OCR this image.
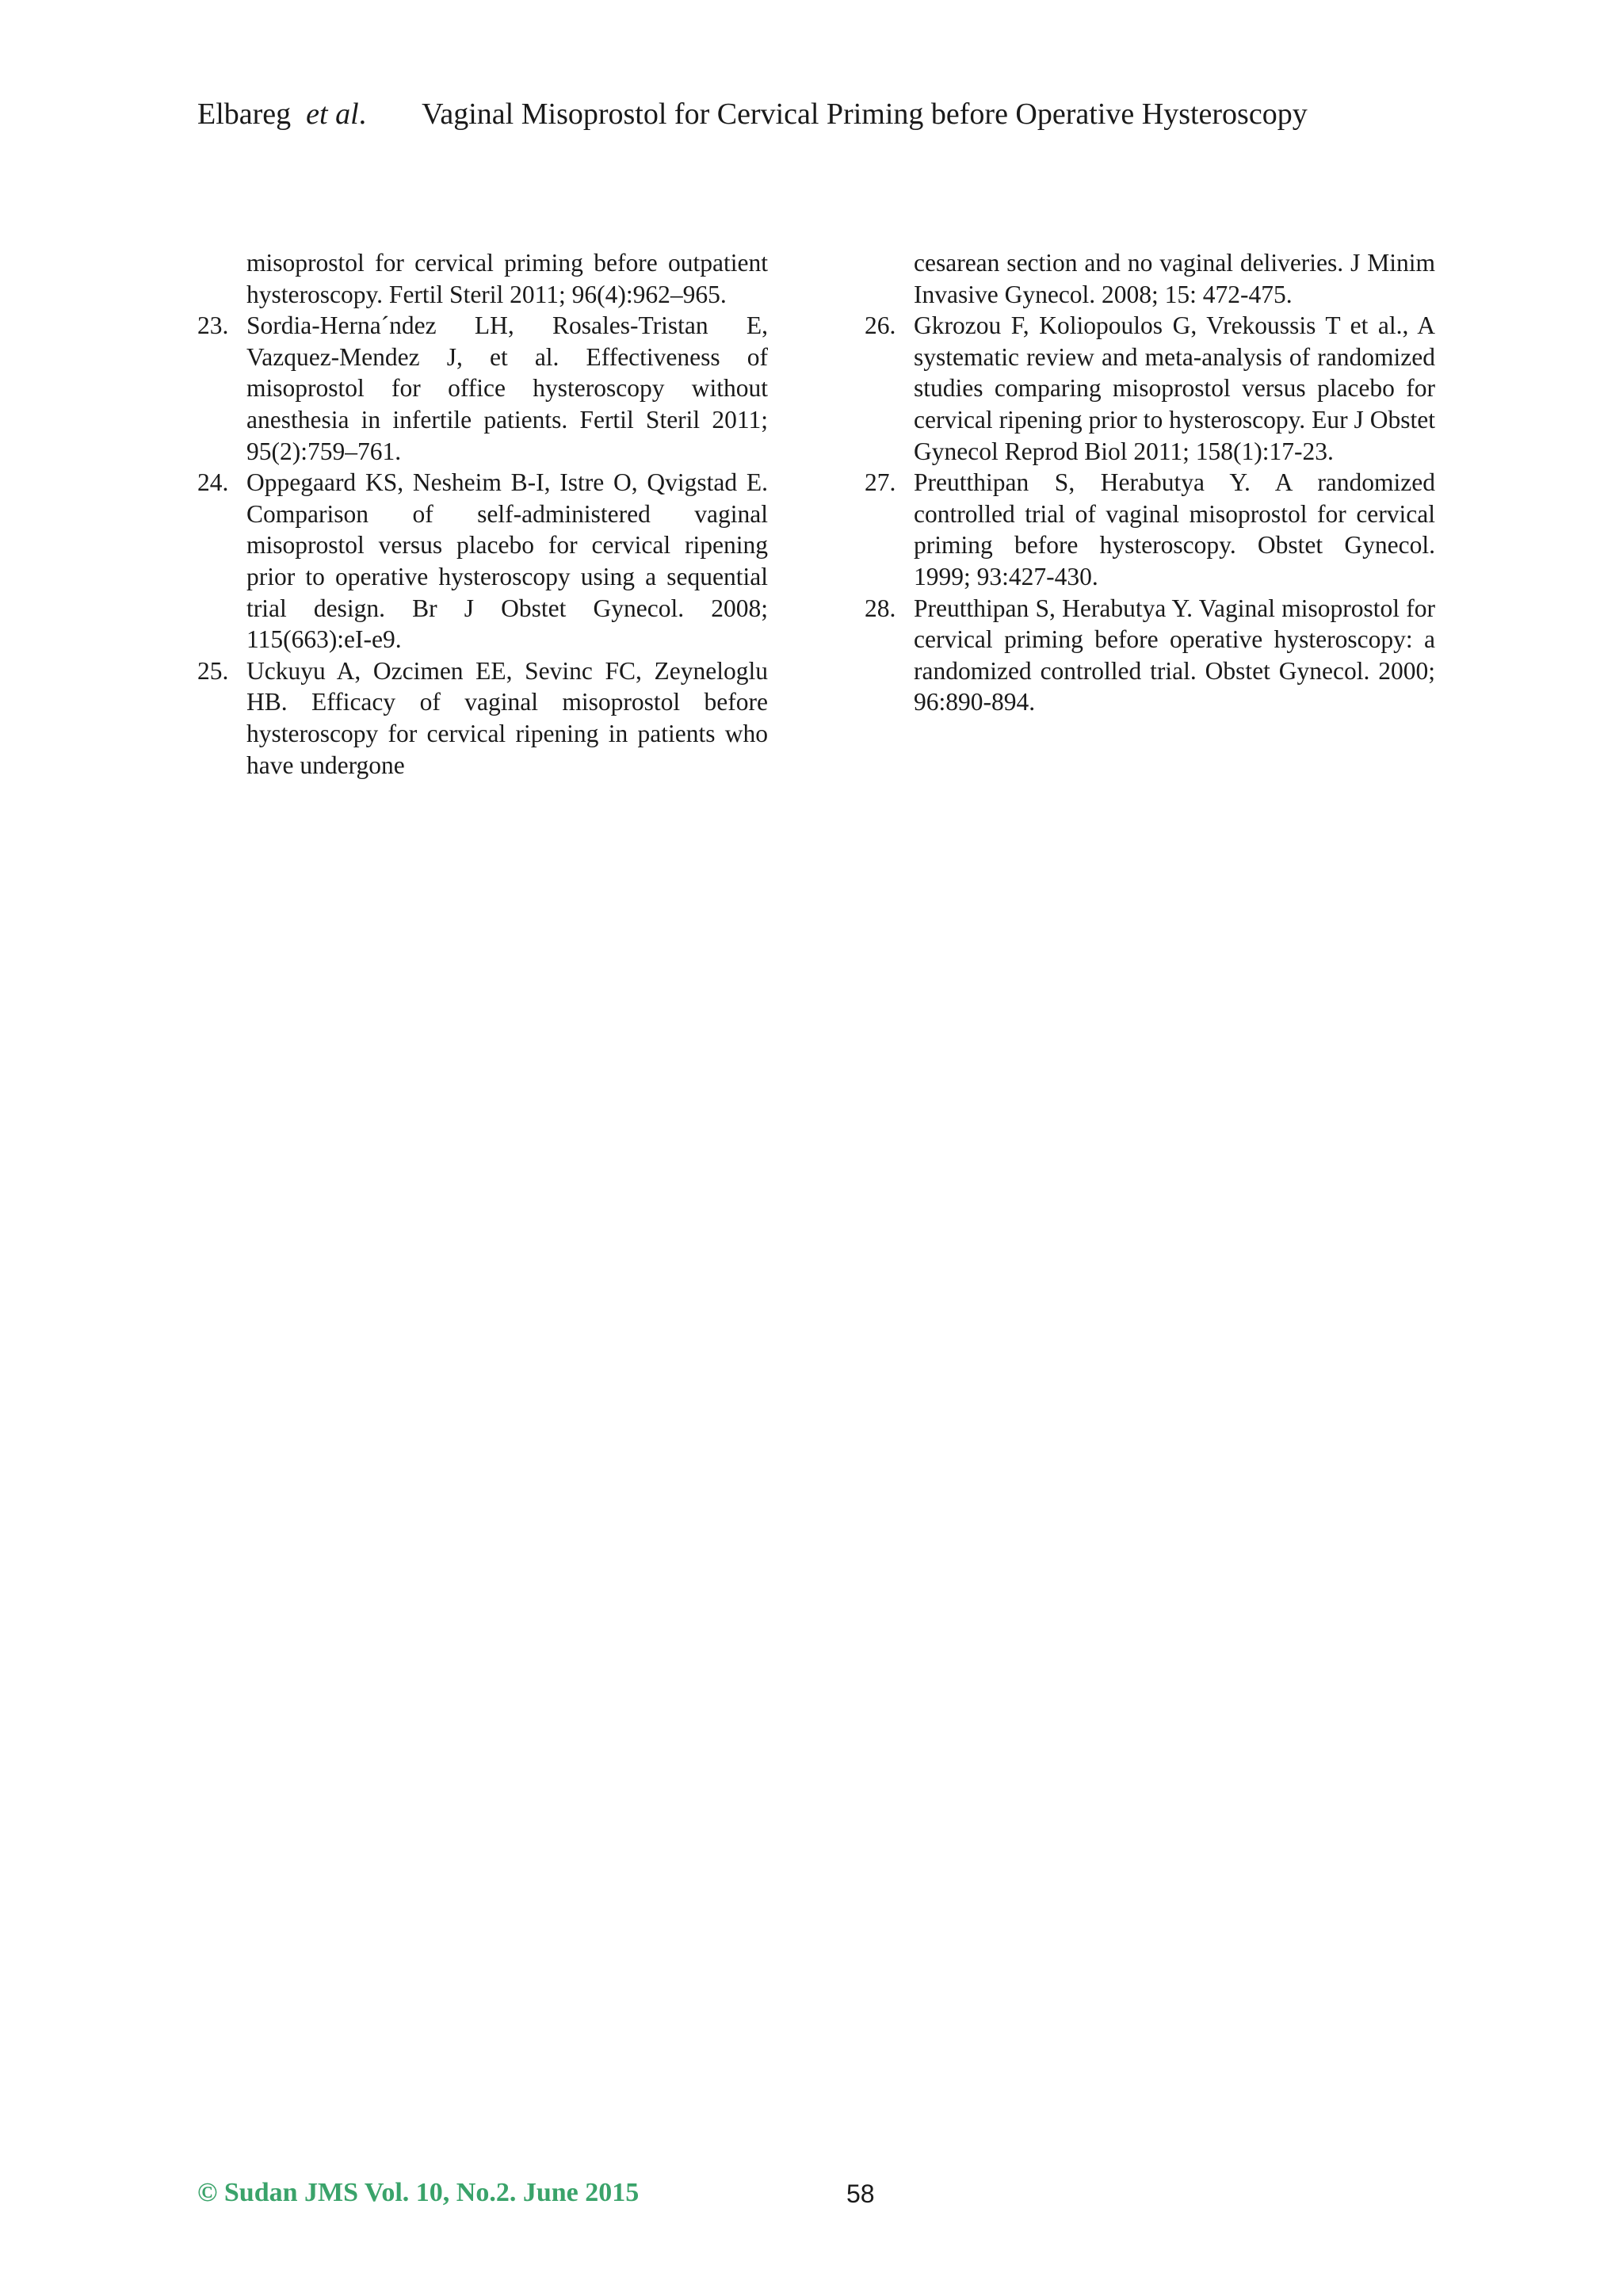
Elbareg et al. Vaginal Misoprostol for Cervical Priming before Operative Hysteroscopy
misoprostol for cervical priming before outpatient hysteroscopy. Fertil Steril 2011; 96(4):962–965.
23. Sordia-Herna´ndez LH, Rosales-Tristan E, Vazquez-Mendez J, et al. Effectiveness of misoprostol for office hysteroscopy without anesthesia in infertile patients. Fertil Steril 2011; 95(2):759–761.
24. Oppegaard KS, Nesheim B-I, Istre O, Qvigstad E. Comparison of self-administered vaginal misoprostol versus placebo for cervical ripening prior to operative hysteroscopy using a sequential trial design. Br J Obstet Gynecol. 2008; 115(663):eI-e9.
25. Uckuyu A, Ozcimen EE, Sevinc FC, Zeyneloglu HB. Efficacy of vaginal misoprostol before hysteroscopy for cervical ripening in patients who have undergone
cesarean section and no vaginal deliveries. J Minim Invasive Gynecol. 2008; 15: 472-475.
26. Gkrozou F, Koliopoulos G, Vrekoussis T et al., A systematic review and meta-analysis of randomized studies comparing misoprostol versus placebo for cervical ripening prior to hysteroscopy. Eur J Obstet Gynecol Reprod Biol 2011; 158(1):17-23.
27. Preutthipan S, Herabutya Y. A randomized controlled trial of vaginal misoprostol for cervical priming before hysteroscopy. Obstet Gynecol. 1999; 93:427-430.
28. Preutthipan S, Herabutya Y. Vaginal misoprostol for cervical priming before operative hysteroscopy: a randomized controlled trial. Obstet Gynecol. 2000; 96:890-894.
© Sudan JMS Vol. 10, No.2. June 2015	58
